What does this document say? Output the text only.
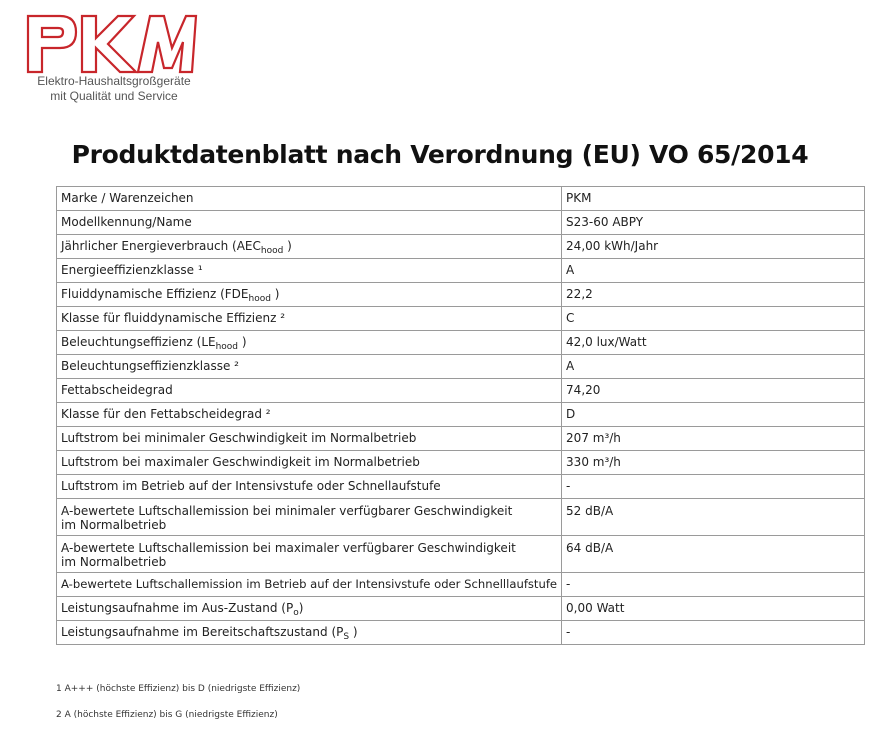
Elektro-Haushaltsgroßgeräte
mit Qualität und Service
Produktdatenblatt nach Verordnung (EU) VO 65/2014
Marke / Warenzeichen	PKM
Modellkennung/Name	S23-60 ABPY
Jährlicher Energieverbrauch ($AEC_{hood}$ )	24,00 kWh/Jahr
Energieeffizienzklasse ¹	A
Fluiddynamische Effizienz ($FDE_{hood}$ )	22,2
Klasse für fluiddynamische Effizienz ²	C
Beleuchtungseffizienz ($LE_{hood}$ )	42,0 lux/Watt
Beleuchtungseffizienzklasse ²	A
Fettabscheidegrad	74,20
Klasse für den Fettabscheidegrad ²	D
Luftstrom bei minimaler Geschwindigkeit im Normalbetrieb	207 m³/h
Luftstrom bei maximaler Geschwindigkeit im Normalbetrieb	330 m³/h
Luftstrom im Betrieb auf der Intensivstufe oder Schnellaufstufe	-

A-bewertete Luftschallemission bei minimaler verfügbarer Geschwindigkeit
im Normalbetrieb	52 dB/A

A-bewertete Luftschallemission bei maximaler verfügbarer Geschwindigkeit
im Normalbetrieb	64 dB/A
A-bewertete Luftschallemission im Betrieb auf der Intensivstufe oder Schnelllaufstufe	-
Leistungsaufnahme im Aus-Zustand $(P_o)$	0,00 Watt
Leistungsaufnahme im Bereitschaftszustand ($P_S$ )	-
1 A+++ (höchste Effizienz) bis D (niedrigste Effizienz)
2 A (höchste Effizienz) bis G (niedrigste Effizienz)
